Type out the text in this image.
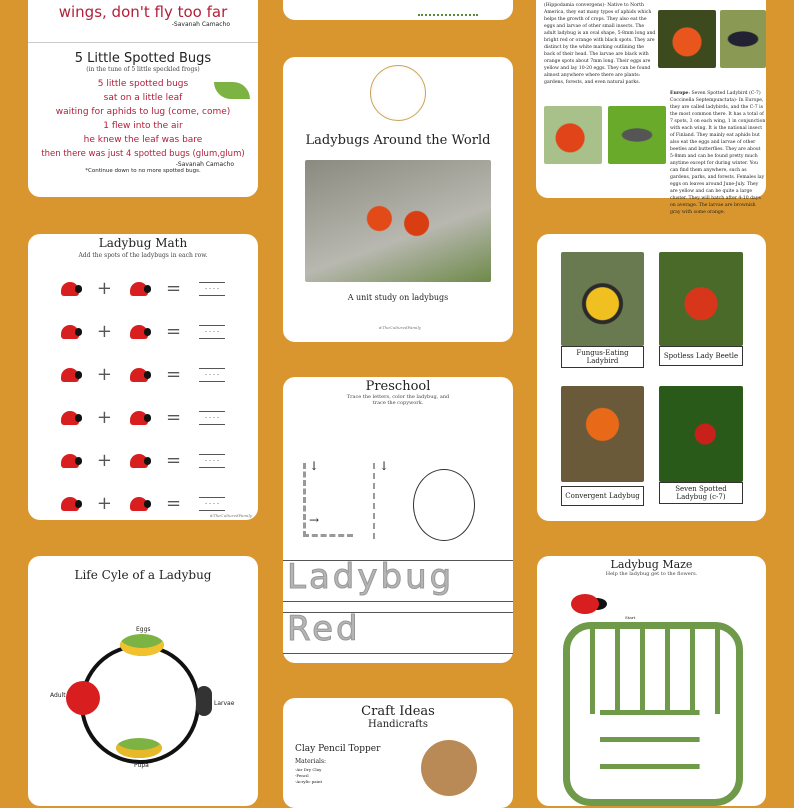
wings, don't fly too far
-Savanah Camacho
5 Little Spotted Bugs
(in the tune of 5 little speckled frogs)
5 little spotted bugs
sat on a little leaf
waiting for aphids to lug (come, come)
1 flew into the air
he knew the leaf was bare
then there was just 4 spotted bugs (glum,glum)
-Savanah Camacho
*Continue down to no more spotted bugs.
(Hippodamia convergens)- Native to North America, they eat many types of aphids which helps the growth of crops. They also eat the eggs and larvae of other small insects. The adult ladybug is an oval shape, 5-8mm long and bright red or orange with black spots. They are distinct by the white marking outlining the back of their head. The larvae are black with orange spots about 7mm long. Their eggs are yellow and lay 10-20 eggs. They can be found almost anywhere where there are plants: gardens, forests, and even natural parks.
Europe: Seven Spotted Ladybird (C-7) Coccinella Septempunctata)- In Europe, they are called ladybirds, and the C-7 is the most common there. It has a total of 7 spots, 3 on each wing, 1 in conjunction with each wing. It is the national insect of Finland. They mainly eat aphids but also eat the eggs and larvae of other beetles and butterflies. They are about 5-8mm and can be found pretty much anytime except for during winter. You can find them anywhere, such as gardens, parks, and forests. Females lay eggs on leaves around June-July. They are yellow and can be quite a large cluster. They will hatch after 4-10 days on average. The larvae are brownish gray with some orange.
Ladybugs Around the World
A unit study on ladybugs
#TheCulturedFamily
Ladybug Math
Add the spots of the ladybugs in each row.
+	=	- - - -
+	=	- - - -
+	=	- - - -
+	=	- - - -
+	=	- - - -
+	=	- - - -
#TheCulturedFamily
Fungus-Eating Ladybird
Spotless Lady Beetle
Convergent Ladybug
Seven Spotted Ladybug (c-7)
Preschool
Trace the letters, color the ladybug, and trace the copywork.
↓
→
↓
Ladybug
Red
Life Cyle of a Ladybug
Eggs
Larvae
Pupa
Adult
Craft Ideas
Handicrafts
Clay Pencil Topper
Materials:
-Air Dry Clay
-Pencil
-Acrylic paint
Ladybug Maze
Help the ladybug get to the flowers.
Start
